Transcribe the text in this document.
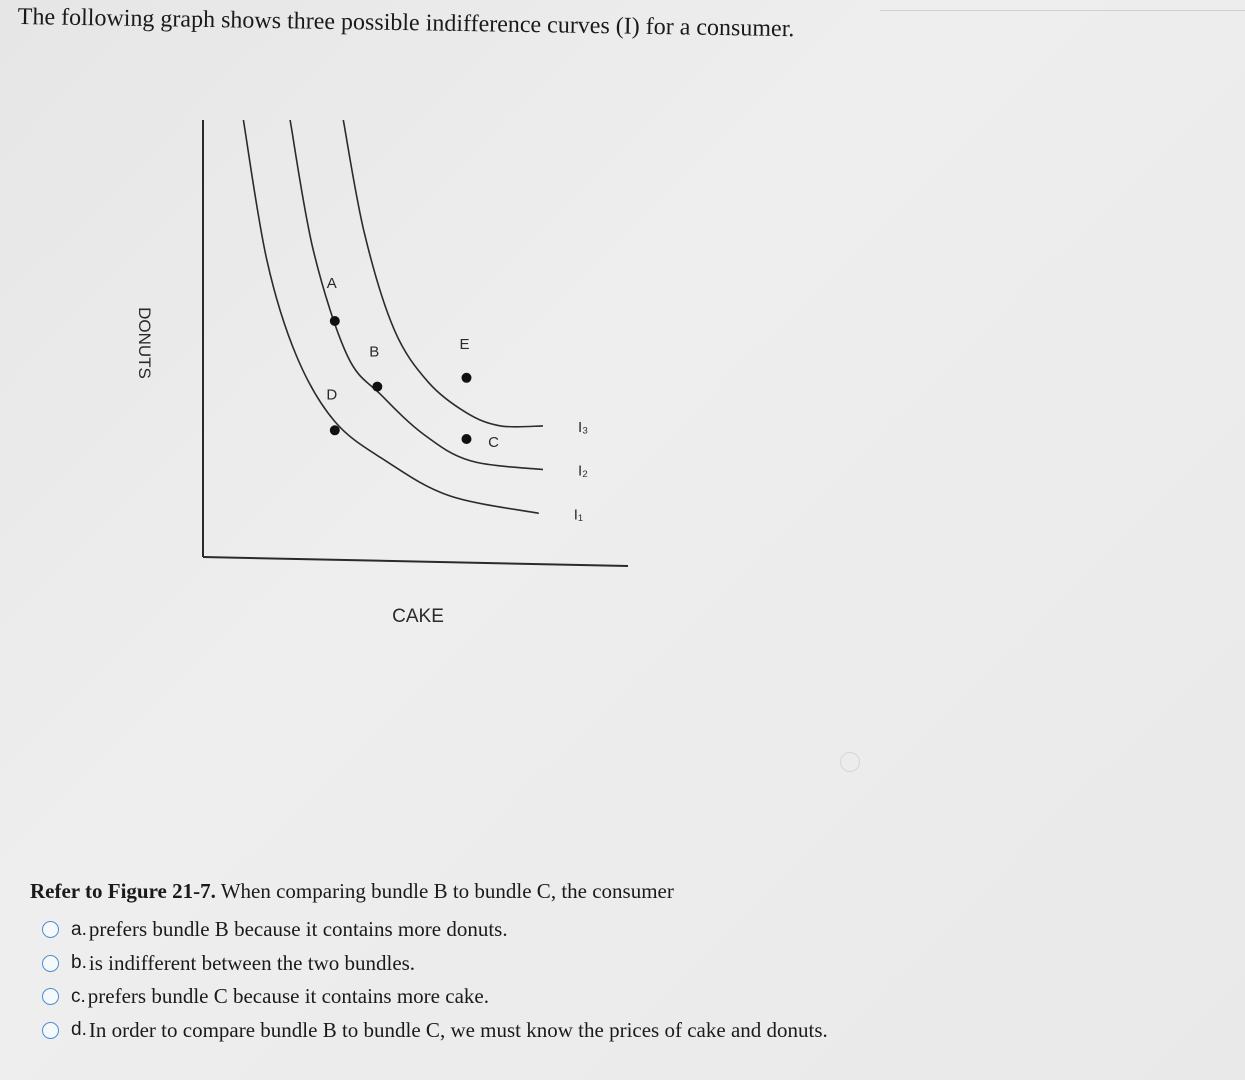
The following graph shows three possible indifference curves (I) for a consumer.
A
B
C
D
E
I₁
I₂
I₃
CAKE
DONUTS
Refer to Figure 21-7. When comparing bundle B to bundle C, the consumer
a. prefers bundle B because it contains more donuts.
b. is indifferent between the two bundles.
c. prefers bundle C because it contains more cake.
d. In order to compare bundle B to bundle C, we must know the prices of cake and donuts.
